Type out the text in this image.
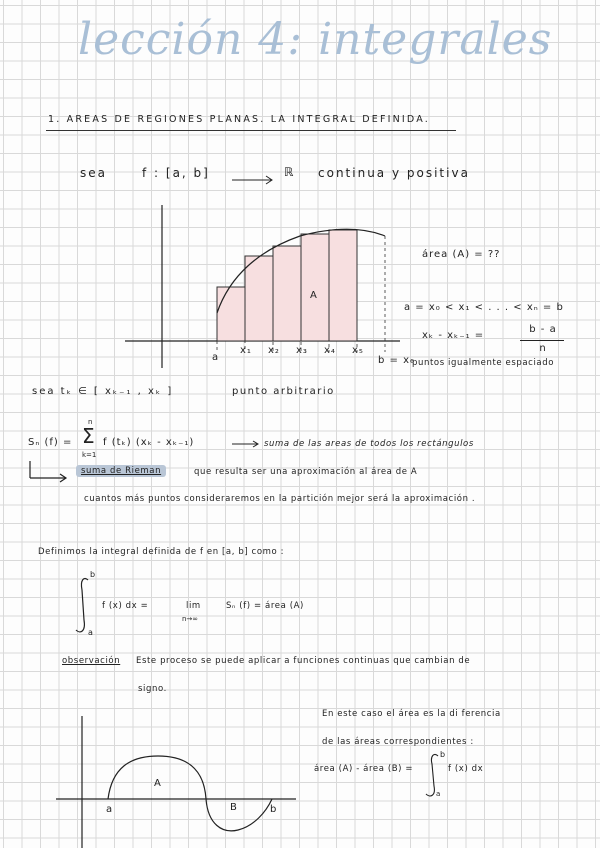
lección 4: integrales
1. AREAS DE REGIONES PLANAS. LA INTEGRAL DEFINIDA.
sea	f : [a, b]	ℝ continua y positiva
A
a
x₁ x₂ x₃ x₄ x₅
b = x₆
área (A) = ??
a = x₀ < x₁ < . . . < xₙ = b
xₖ - xₖ₋₁ =
b - a
n
puntos igualmente espaciado
sea tₖ ∈ [ xₖ₋₁ , xₖ ]	punto arbitrario
Sₙ (f) =
n
Σ
k=1
f (tₖ) (xₖ - xₖ₋₁)	suma de las areas de todos los rectángulos
suma de Rieman	que resulta ser una aproximación al área de A
cuantos más puntos consideraremos en la partición mejor será la aproximación .
Definimos la integral definida de f en [a, b] como :
b
a
f (x) dx =	lim
n→∞
Sₙ (f) = área (A)
observación Este proceso se puede aplicar a funciones continuas que cambian de
signo.
A
B
a	b
En este caso el área es la di ferencia
de las áreas correspondientes :
área (A) - área (B) =
b
a
f (x) dx
